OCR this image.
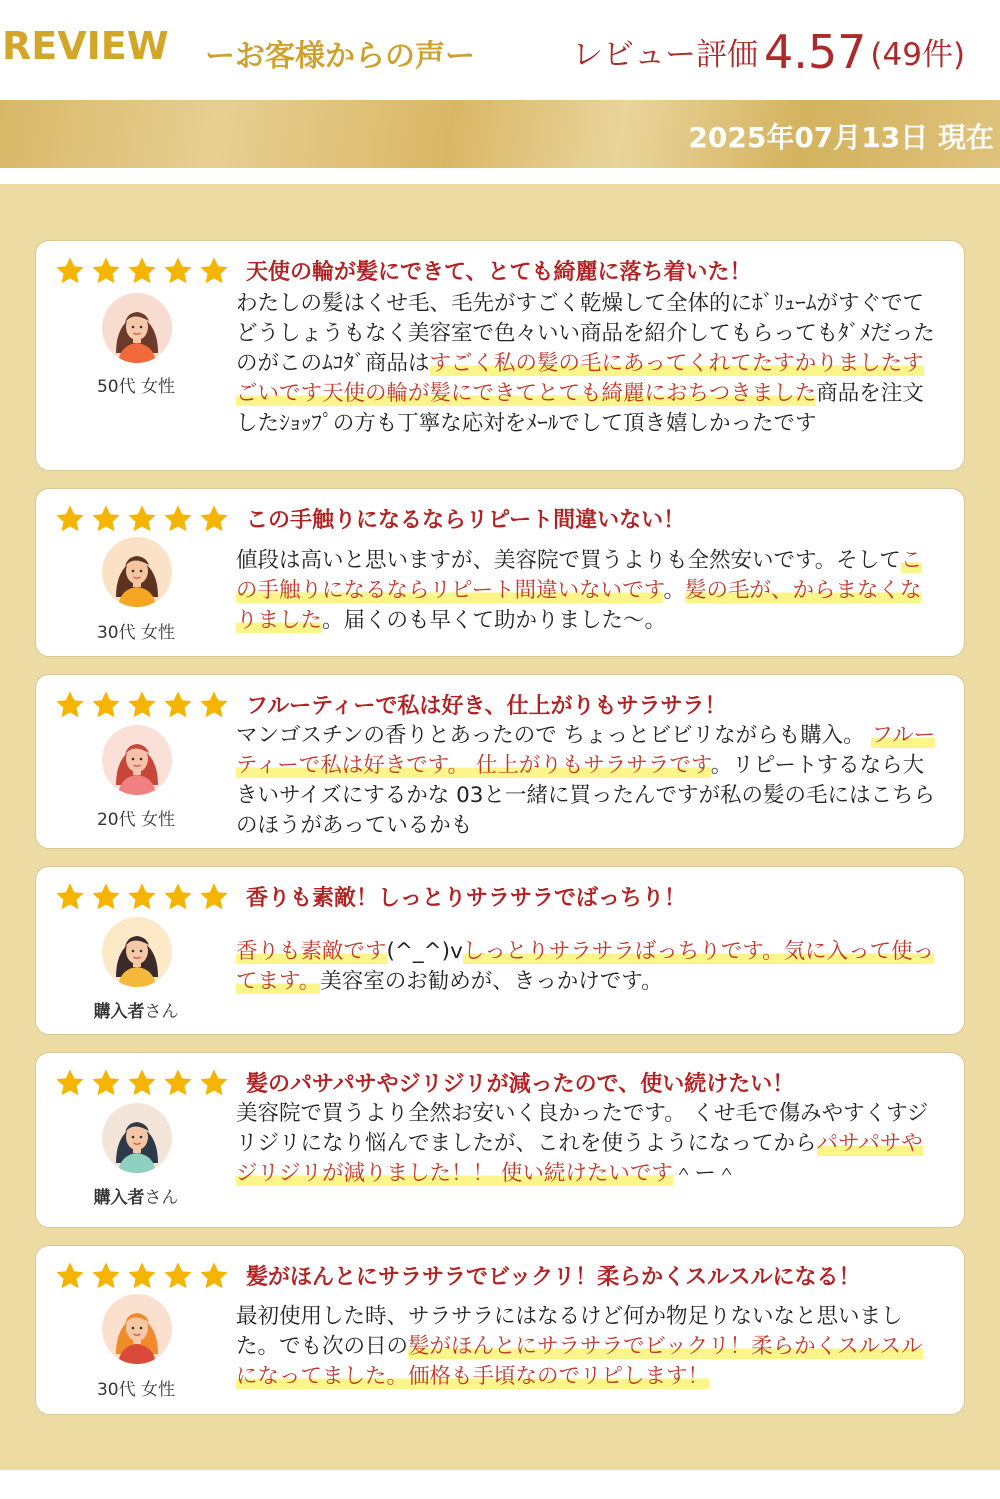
REVIEW ーお客様からの声ー	レビュー評価 4.57 (49件)
2025年07月13日 現在
天使の輪が髪にできて、とても綺麗に落ち着いた！
50代 女性
わたしの髪はくせ毛、毛先がすごく乾燥して全体的にﾎﾞﾘｭｰﾑがすぐでてどうしょうもなく美容室で色々いい商品を紹介してもらってもﾀﾞﾒだったのがこのﾑｺﾀﾞ商品はすごく私の髪の毛にあってくれてたすかりましたすごいです天使の輪が髪にできてとても綺麗におちつきました商品を注文したｼｮｯﾌﾟの方も丁寧な応対をﾒｰﾙでして頂き嬉しかったです
この手触りになるならリピート間違いない！
30代 女性
値段は高いと思いますが、美容院で買うよりも全然安いです。そしてこの手触りになるならリピート間違いないです。髪の毛が、からまなくなりました。届くのも早くて助かりました〜。
フルーティーで私は好き、仕上がりもサラサラ！
20代 女性
マンゴスチンの香りとあったので ちょっとビビリながらも購入。 フルーティーで私は好きです。 仕上がりもサラサラです。リピートするなら大きいサイズにするかな 03と一緒に買ったんですが私の髪の毛にはこちらのほうがあっているかも
香りも素敵！しっとりサラサラでばっちり！
購入者さん
香りも素敵です(^_^)vしっとりサラサラばっちりです。気に入って使ってます。美容室のお勧めが、きっかけです。
髪のパサパサやジリジリが減ったので、使い続けたい！
購入者さん
美容院で買うより全然お安いく良かったです。 くせ毛で傷みやすくすジリジリになり悩んでましたが、これを使うようになってからパサパサやジリジリが減りました！！ 使い続けたいです＾ー＾
髪がほんとにサラサラでビックリ！柔らかくスルスルになる！
30代 女性
最初使用した時、サラサラにはなるけど何か物足りないなと思いました。でも次の日の髪がほんとにサラサラでビックリ！柔らかくスルスルになってました。価格も手頃なのでリピします！
